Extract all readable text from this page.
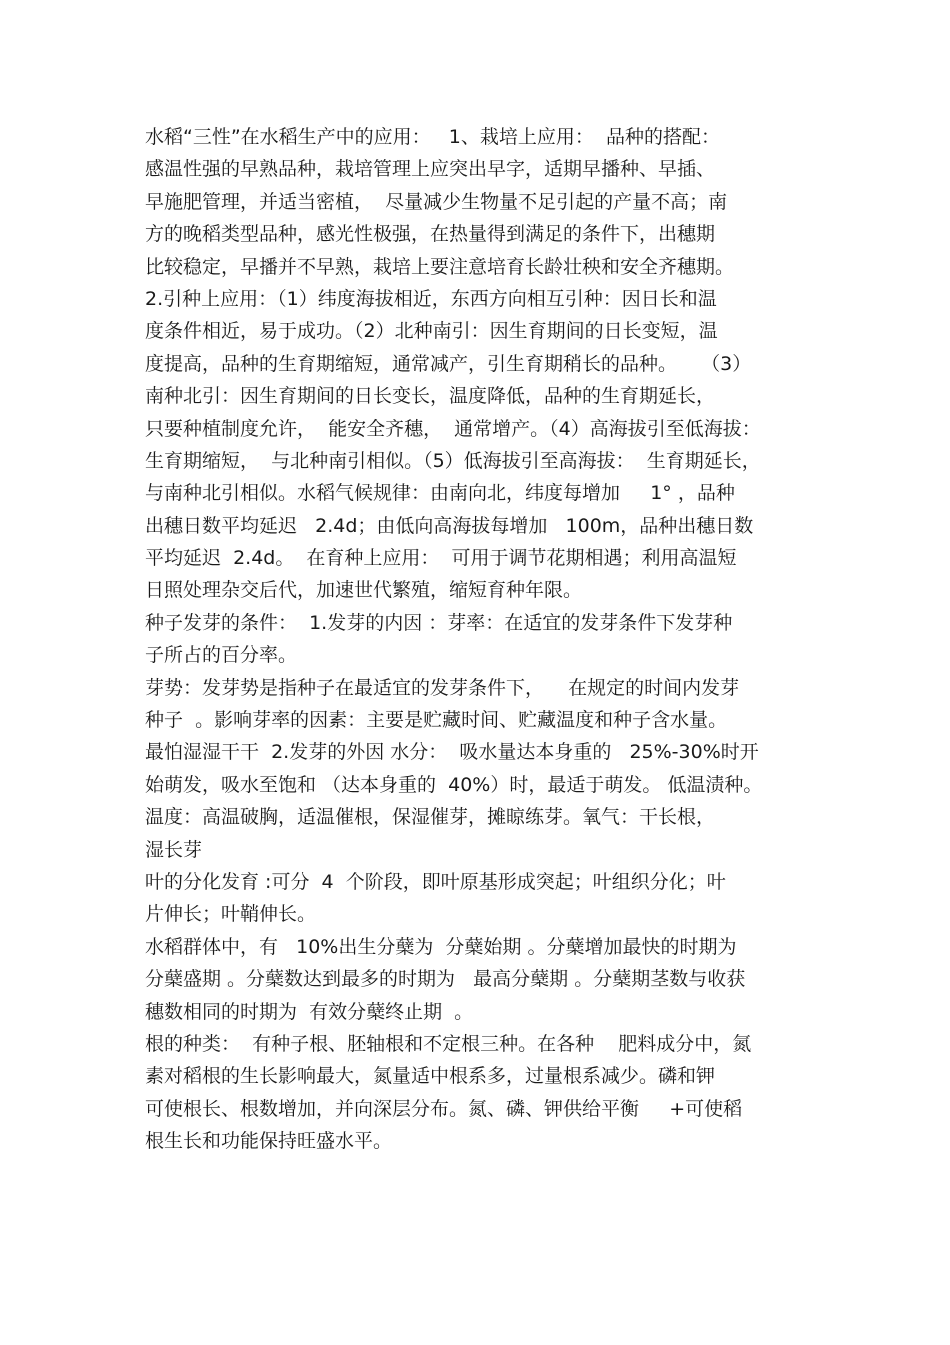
水稻“三性”在水稻生产中的应用：   1、栽培上应用：  品种的搭配：
感温性强的早熟品种，栽培管理上应突出早字，适期早播种、早插、
早施肥管理，并适当密植，  尽量减少生物量不足引起的产量不高；南
方的晚稻类型品种，感光性极强，在热量得到满足的条件下，出穗期
比较稳定，早播并不早熟，栽培上要注意培育长龄壮秧和安全齐穗期。
2.引种上应用：（1）纬度海拔相近，东西方向相互引种：因日长和温
度条件相近，易于成功。（2）北种南引：因生育期间的日长变短，温
度提高，品种的生育期缩短，通常减产，引生育期稍长的品种。    （3）
南种北引：因生育期间的日长变长，温度降低，品种的生育期延长，
只要种植制度允许，  能安全齐穗，  通常增产。（4）高海拔引至低海拔：
生育期缩短，  与北种南引相似。（5）低海拔引至高海拔：  生育期延长，
与南种北引相似。水稻气候规律：由南向北，纬度每增加     1° ，品种
出穗日数平均延迟   2.4d；由低向高海拔每增加   100m，品种出穗日数
平均延迟  2.4d。  在育种上应用：  可用于调节花期相遇；利用高温短
日照处理杂交后代，加速世代繁殖，缩短育种年限。
种子发芽的条件：  1.发芽的内因 ：芽率：在适宜的发芽条件下发芽种
子所占的百分率。
芽势：发芽势是指种子在最适宜的发芽条件下，    在规定的时间内发芽
种子  。影响芽率的因素：主要是贮藏时间、贮藏温度和种子含水量。
最怕湿湿干干  2.发芽的外因 水分：  吸水量达本身重的   25%-30%时开
始萌发，吸水至饱和 （达本身重的  40%）时，最适于萌发。 低温渍种。
温度：高温破胸，适温催根，保湿催芽，摊晾练芽。氧气：干长根，
湿长芽
叶的分化发育 :可分  4  个阶段，即叶原基形成突起；叶组织分化；叶
片伸长；叶鞘伸长。
水稻群体中，有   10%出生分蘖为  分蘖始期 。分蘖增加最快的时期为
分蘖盛期 。分蘖数达到最多的时期为   最高分蘖期 。分蘖期茎数与收获
穗数相同的时期为  有效分蘖终止期  。
根的种类：  有种子根、胚轴根和不定根三种。在各种    肥料成分中，氮
素对稻根的生长影响最大，氮量适中根系多，过量根系减少。磷和钾
可使根长、根数增加，并向深层分布。氮、磷、钾供给平衡     +可使稻
根生长和功能保持旺盛水平。
